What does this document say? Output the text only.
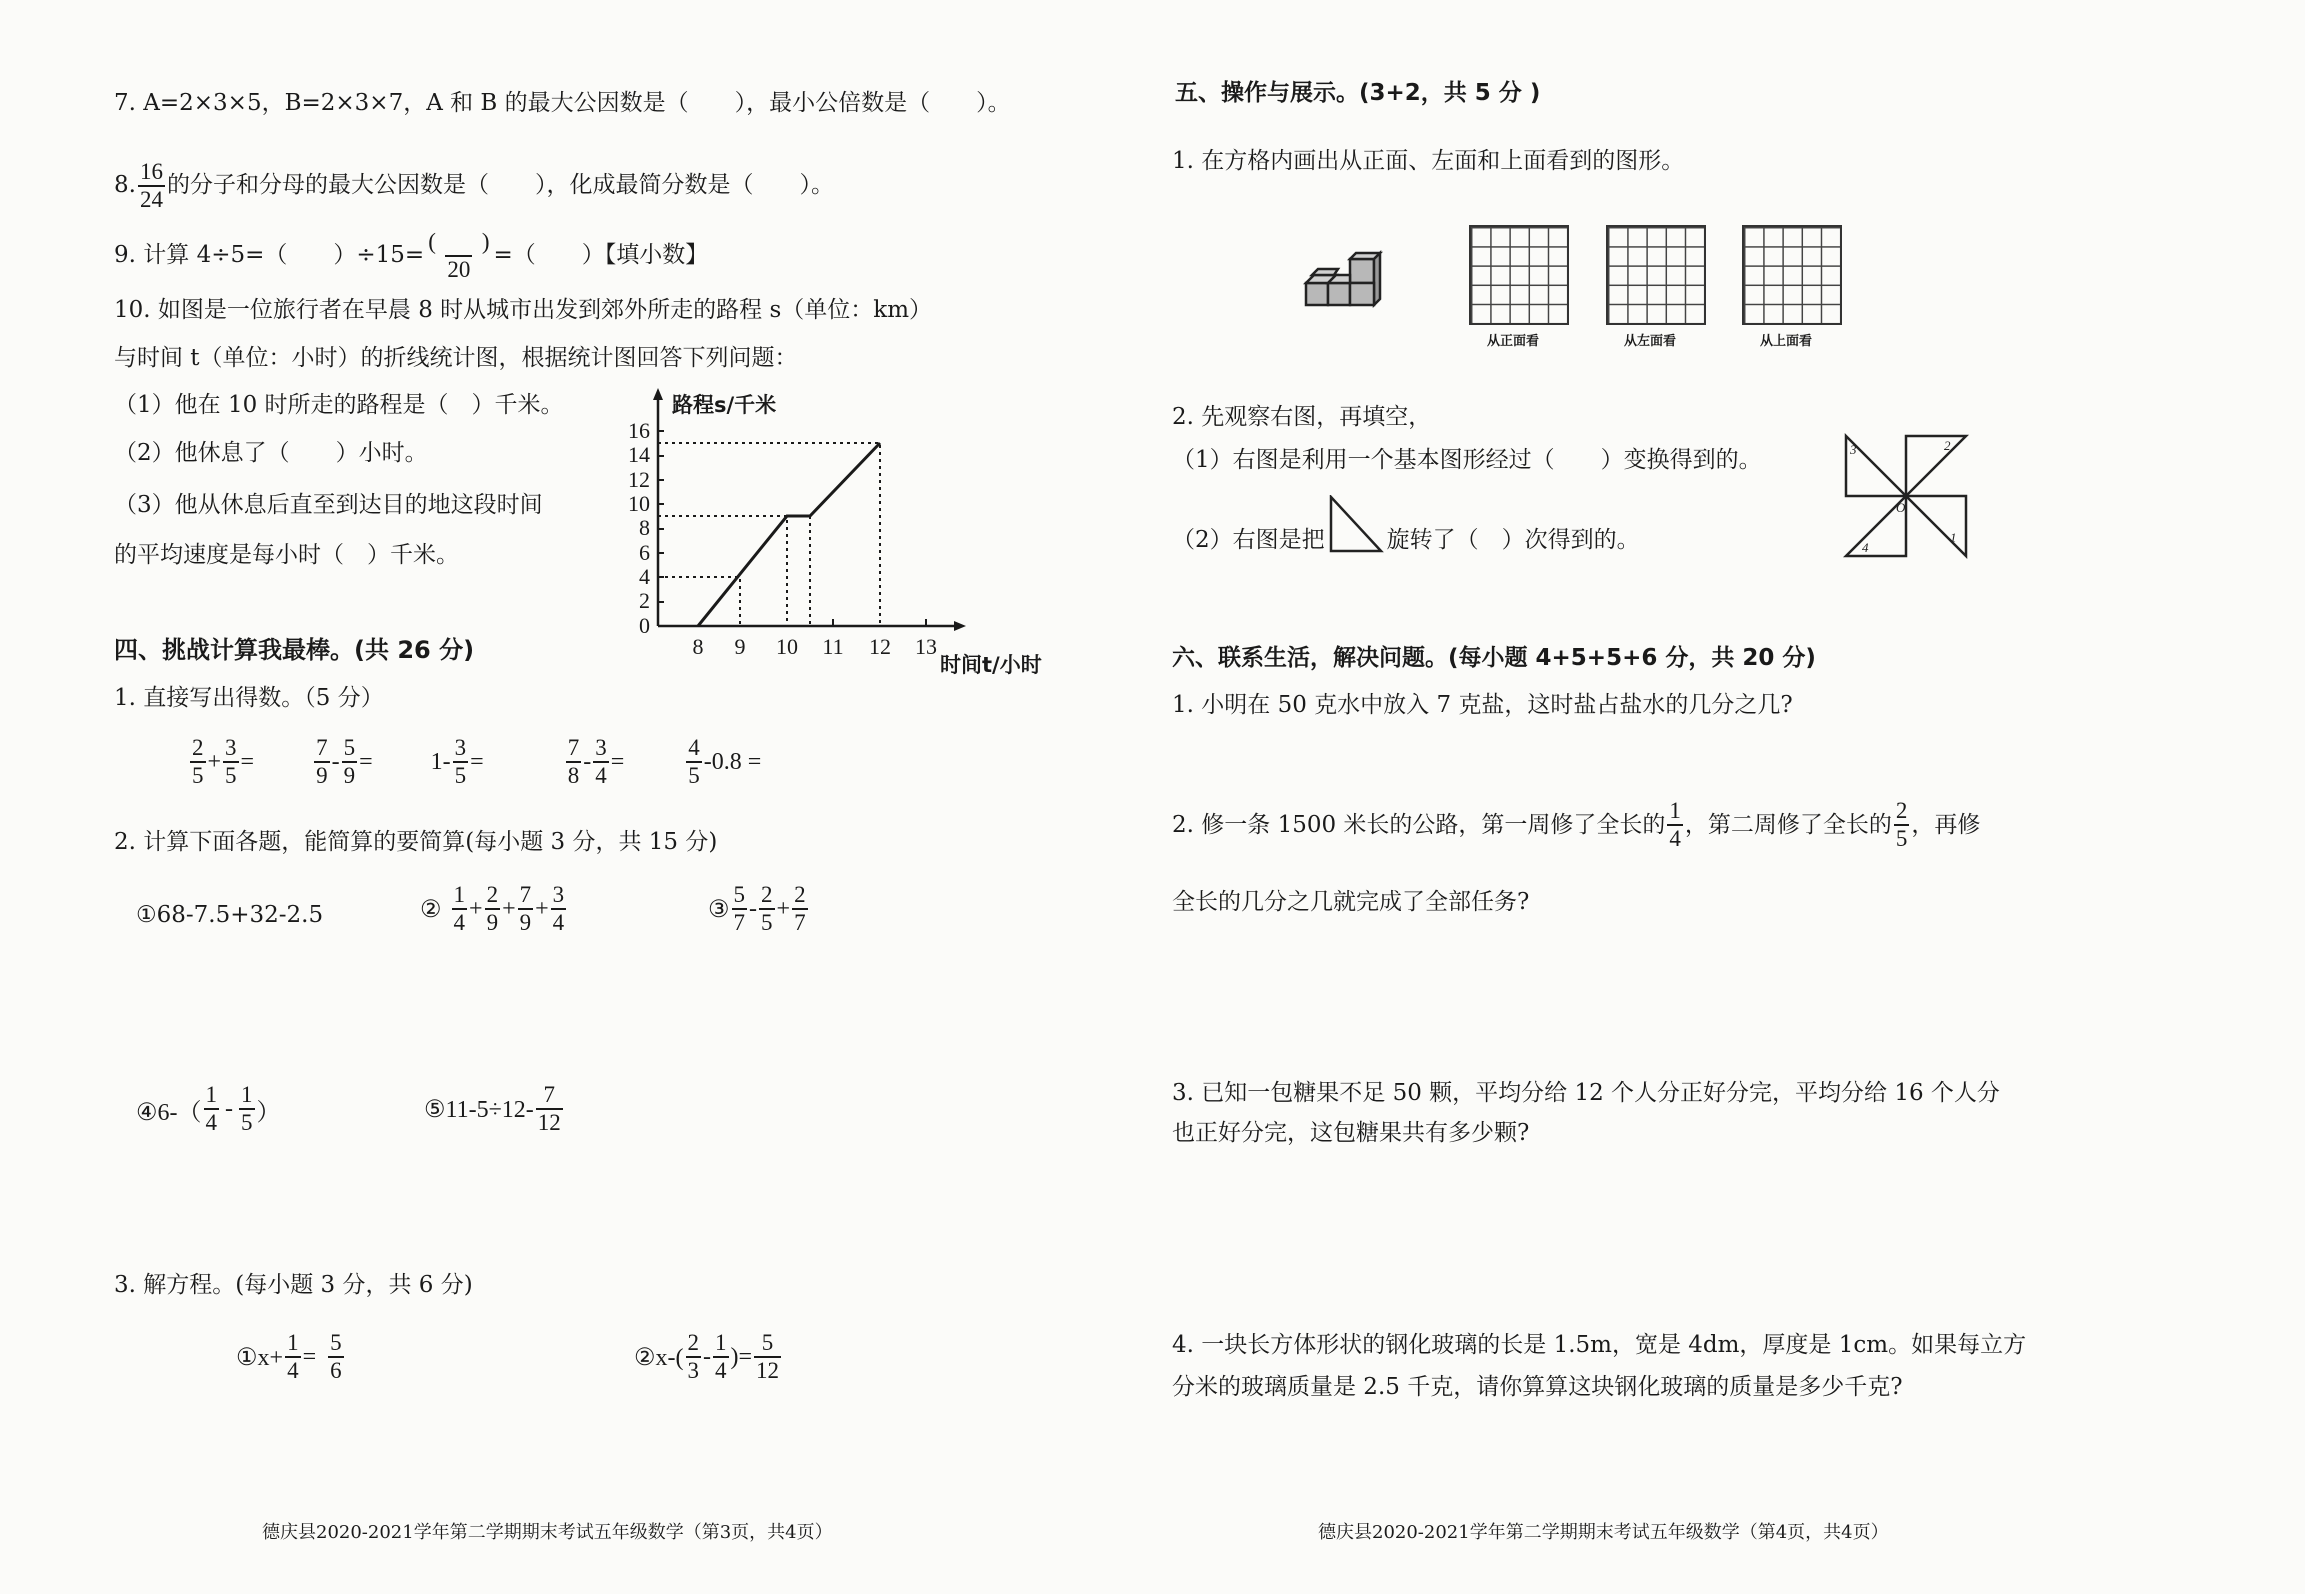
7. A=2×3×5，B=2×3×7，A 和 B 的最大公因数是（　　），最小公倍数是（　　）。
8. $\frac{16}{24}$ 的分子和分母的最大公因数是（　　），化成最简分数是（　　）。
9. 计算 4÷5=（　　）$\div 15= \frac{( )}{20}$ =（　　）【填小数】
10. 如图是一位旅行者在早晨 8 时从城市出发到郊外所走的路程 s（单位：km）
与时间 t（单位：小时）的折线统计图，根据统计图回答下列问题：
（1）他在 10 时所走的路程是（　）千米。
（2）他休息了（　　）小时。
（3）他从休息后直至到达目的地这段时间
的平均速度是每小时（　）千米。
路程s/千米
0
2
4
6
8
10
12
14
16
8 9 10 11 12 13
时间t/小时
四、挑战计算我最棒。(共 26 分)
1. 直接写出得数。（5 分）
$\frac{2}{5} + \frac{3}{5}$ =	$\frac{7}{9} - \frac{5}{9} = 1- \frac{3}{5}$ =	$\frac{7}{8} - \frac{3}{4}$ =	$\frac{4}{5} -0.8$ =
2. 计算下面各题，能简算的要简算(每小题 3 分，共 15 分)
①68-7.5+32-2.5	② $\frac{1}{4} + \frac{2}{9} + \frac{7}{9} + \frac{3}{4}$	③ $\frac{5}{7} - \frac{2}{5} + \frac{2}{7}$
④6-（ $\frac{1}{4} - \frac{1}{5}$ ）	⑤11-5÷12- $\frac{7}{12}$
3. 解方程。(每小题 3 分，共 6 分)
①x+ $\frac{1}{4} = \frac{5}{6}$	②x-( $\frac{2}{3} - \frac{1}{4}$ )= $\frac{5}{12}$
德庆县2020-2021学年第二学期期末考试五年级数学（第3页，共4页）
五、操作与展示。(3+2，共 5 分 )
1. 在方格内画出从正面、左面和上面看到的图形。
从正面看	从左面看	从上面看
2. 先观察右图，再填空，
（1）右图是利用一个基本图形经过（　　）变换得到的。
（2）右图是把	旋转了（　）次得到的。	1
2
3
4
O
六、联系生活，解决问题。(每小题 4+5+5+6 分，共 20 分)
1. 小明在 50 克水中放入 7 克盐，这时盐占盐水的几分之几?
2. 修一条 1500 米长的公路，第一周修了全长的 $\frac{1}{4}$ ，第二周修了全长的 $\frac{2}{5}$ ，再修
全长的几分之几就完成了全部任务?
3. 已知一包糖果不足 50 颗，平均分给 12 个人分正好分完，平均分给 16 个人分
也正好分完，这包糖果共有多少颗?
4. 一块长方体形状的钢化玻璃的长是 1.5m，宽是 4dm，厚度是 1cm。如果每立方
分米的玻璃质量是 2.5 千克，请你算算这块钢化玻璃的质量是多少千克?
德庆县2020-2021学年第二学期期末考试五年级数学（第4页，共4页）
